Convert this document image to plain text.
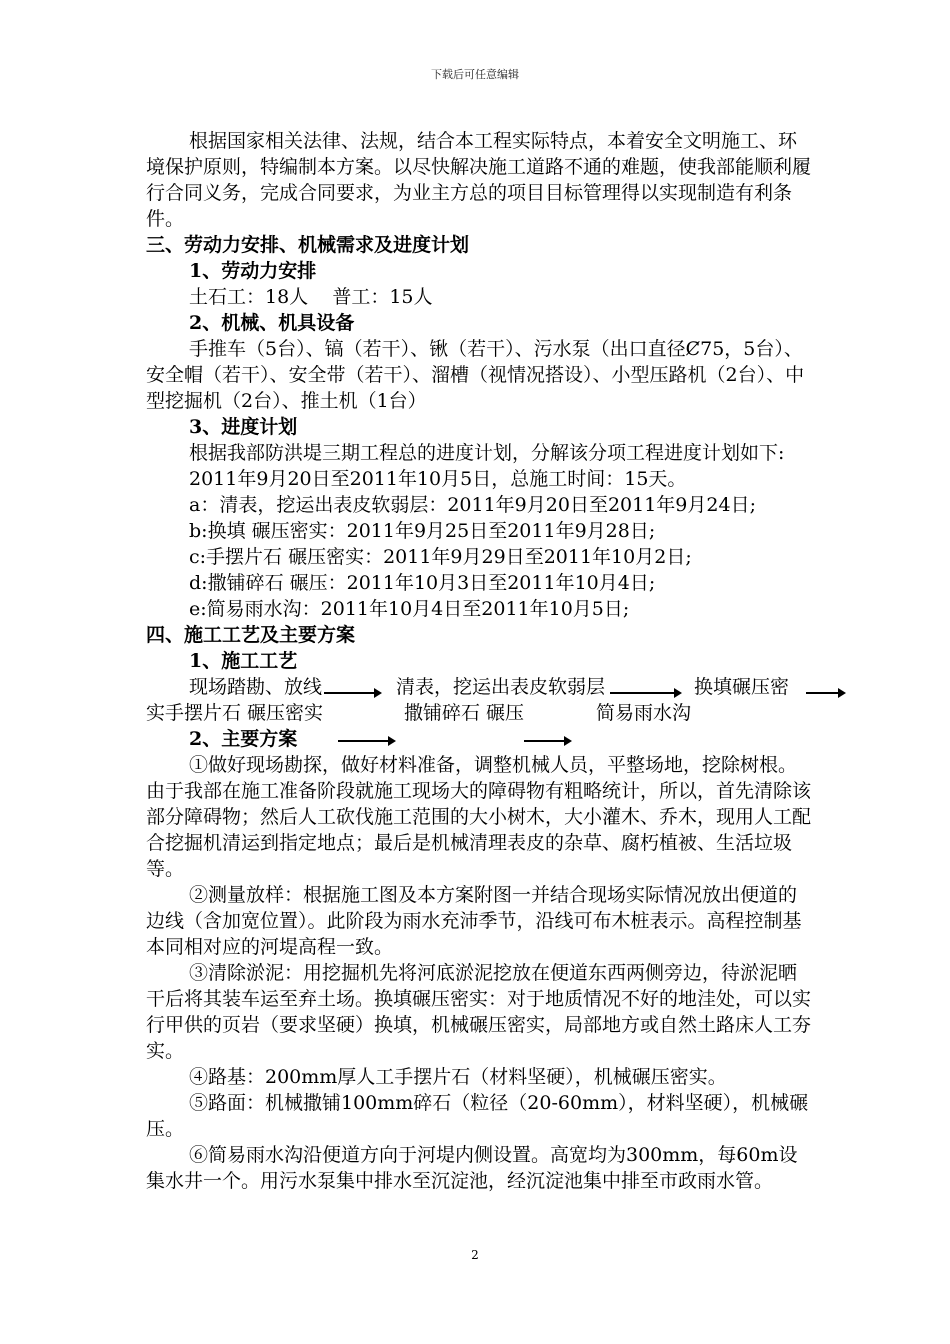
下载后可任意编辑

根据国家相关法律、法规，结合本工程实际特点，本着安全文明施工、环境保护原则，特编制本方案。以尽快解决施工道路不通的难题，使我部能顺利履行合同义务，完成合同要求，为业主方总的项目目标管理得以实现制造有利条件。

三、劳动力安排、机械需求及进度计划

1、劳动力安排

土石工：18人    普工：15人

2、机械、机具设备

手推车（5台）、镐（若干）、锹（若干）、污水泵（出口直径Ȼ75，5台）、安全帽（若干）、安全带（若干）、溜槽（视情况搭设）、小型压路机（2台）、中型挖掘机（2台）、推土机（1台）

3、进度计划

根据我部防洪堤三期工程总的进度计划，分解该分项工程进度计划如下:

2011年9月20日至2011年10月5日，总施工时间：15天。

a：清表，挖运出表皮软弱层：2011年9月20日至2011年9月24日;

b:换填 碾压密实：2011年9月25日至2011年9月28日;

c:手摆片石 碾压密实：2011年9月29日至2011年10月2日;

d:撒铺碎石 碾压：2011年10月3日至2011年10月4日;

e:简易雨水沟：2011年10月4日至2011年10月5日;

四、施工工艺及主要方案

1、施工工艺

现场踏勘、放线	清表，挖运出表皮软弱层	换填碾压密
实手摆片石 碾压密实	撒铺碎石 碾压	简易雨水沟

2、主要方案

①做好现场勘探，做好材料准备，调整机械人员，平整场地，挖除树根。由于我部在施工准备阶段就施工现场大的障碍物有粗略统计，所以，首先清除该部分障碍物；然后人工砍伐施工范围的大小树木，大小灌木、乔木，现用人工配合挖掘机清运到指定地点；最后是机械清理表皮的杂草、腐朽植被、生活垃圾等。

②测量放样：根据施工图及本方案附图一并结合现场实际情况放出便道的边线（含加宽位置）。此阶段为雨水充沛季节，沿线可布木桩表示。高程控制基本同相对应的河堤高程一致。

③清除淤泥：用挖掘机先将河底淤泥挖放在便道东西两侧旁边，待淤泥晒干后将其装车运至弃土场。换填碾压密实：对于地质情况不好的地洼处，可以实行甲供的页岩（要求坚硬）换填，机械碾压密实，局部地方或自然土路床人工夯实。

④路基：200mm厚人工手摆片石（材料坚硬），机械碾压密实。

⑤路面：机械撒铺100mm碎石（粒径（20-60mm），材料坚硬），机械碾压。

⑥简易雨水沟沿便道方向于河堤内侧设置。高宽均为300mm，每60m设集水井一个。用污水泵集中排水至沉淀池，经沉淀池集中排至市政雨水管。

2
